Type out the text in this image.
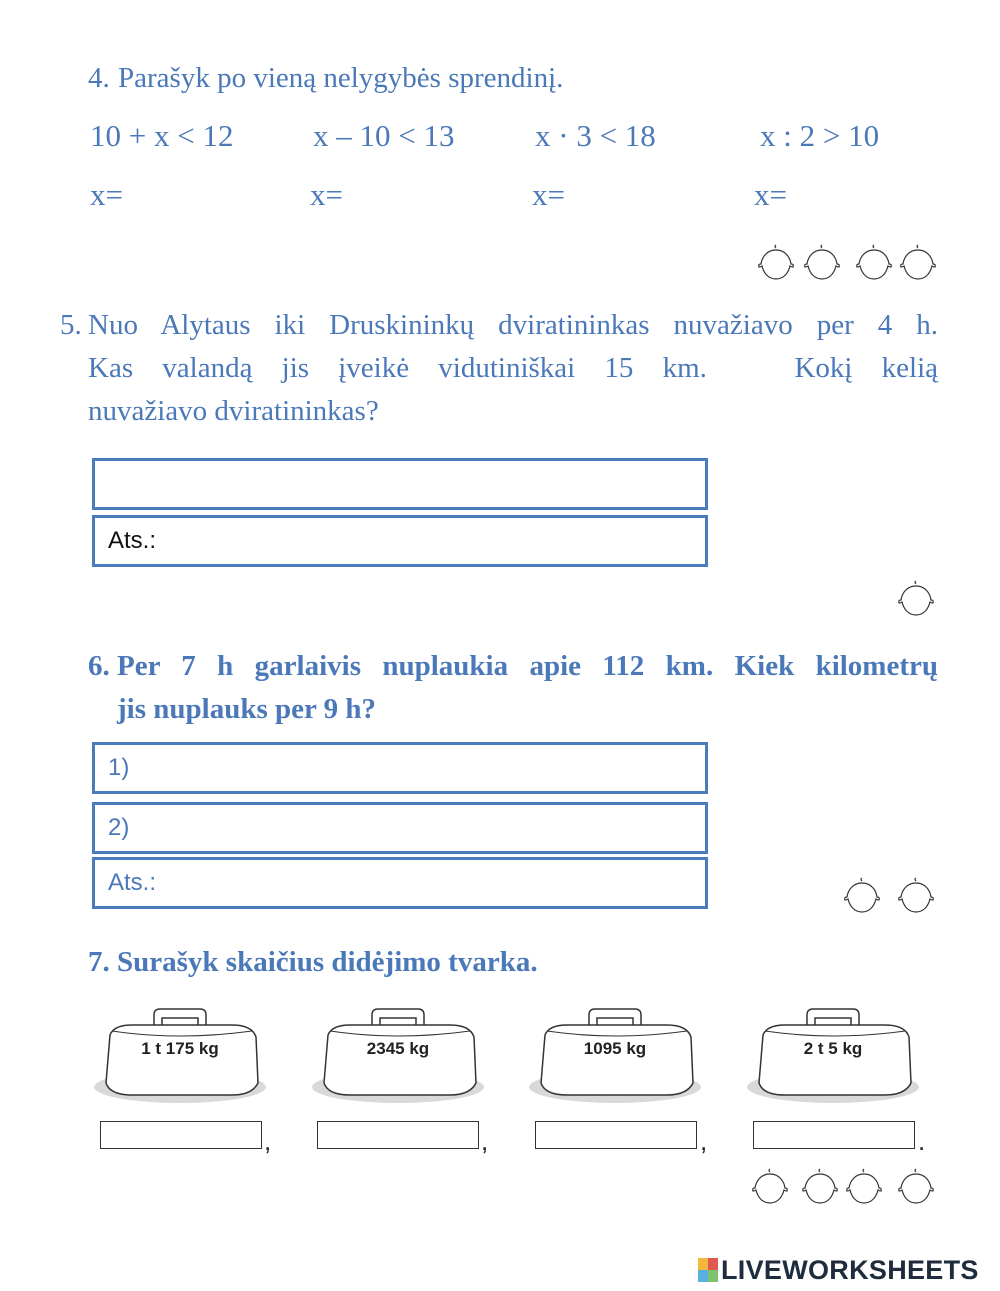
4. Parašyk po vieną nelygybės sprendinį.
10 + x < 12	x – 10 < 13	x · 3 < 18	x : 2 > 10
x=	x=	x=	x=
5. Nuo Alytaus iki Druskininkų dviratininkas nuvažiavo per 4 h.
Kas valandą jis įveikė vidutiniškai 15 km.   Kokį kelią
nuvažiavo dviratininkas?
Ats.:
6. Per 7 h garlaivis nuplaukia apie 112 km. Kiek kilometrų
jis nuplauks per 9 h?
1)
2)
Ats.:
7. Surašyk skaičius didėjimo tvarka.
1 t 175 kg	2345 kg	1095 kg	2 t 5 kg
,	,	,	.
LIVEWORKSHEETS
